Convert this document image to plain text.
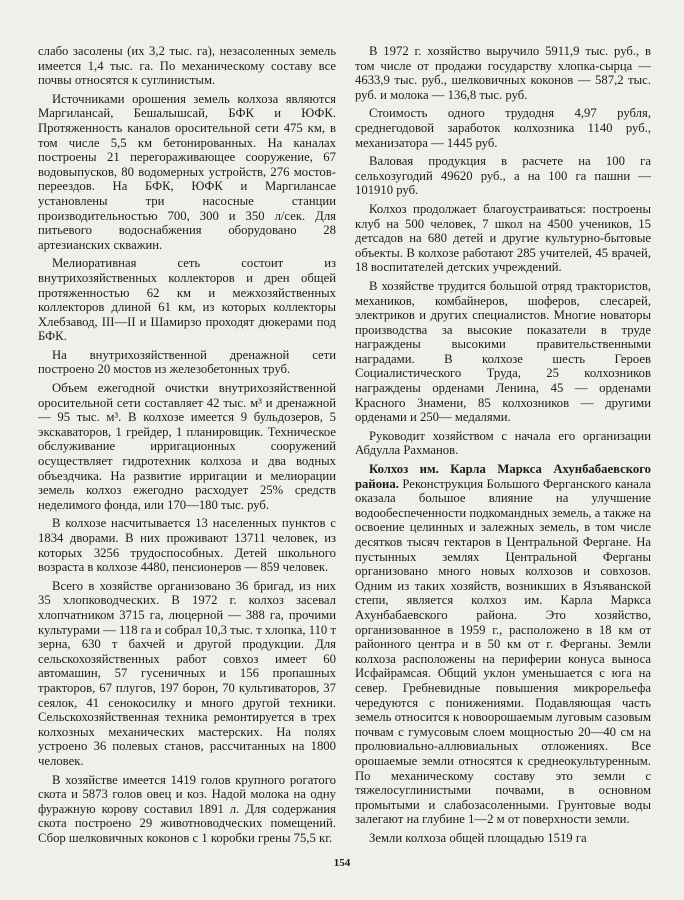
слабо засолены (их 3,2 тыс. га), незасоленных земель имеется 1,4 тыс. га. По механическому составу все почвы относятся к суглинистым.

Источниками орошения земель колхоза являются Маргилансай, Бешалышсай, БФК и ЮФК. Протяженность каналов оросительной сети 475 км, в том числе 5,5 км бетонированных. На каналах построены 21 перегораживающее сооружение, 67 водовыпусков, 80 водомерных устройств, 276 мостов-переездов. На БФК, ЮФК и Маргилансае установлены три насосные станции производительностью 700, 300 и 350 л/сек. Для питьевого водоснабжения оборудовано 28 артезианских скважин.

Мелиоративная сеть состоит из внутрихозяйственных коллекторов и дрен общей протяженностью 62 км и межхозяйственных коллекторов длиной 61 км, из которых коллекторы Хлебзавод, III—II и Шамирзо проходят дюкерами под БФК.

На внутрихозяйственной дренажной сети построено 20 мостов из железобетонных труб.

Объем ежегодной очистки внутрихозяйственной оросительной сети составляет 42 тыс. м³ и дренажной — 95 тыс. м³. В колхозе имеется 9 бульдозеров, 5 экскаваторов, 1 грейдер, 1 планировщик. Техническое обслуживание ирригационных сооружений осуществляет гидротехник колхоза и два водных объездчика. На развитие ирригации и мелиорации земель колхоз ежегодно расходует 25% средств неделимого фонда, или 170—180 тыс. руб.

В колхозе насчитывается 13 населенных пунктов с 1834 дворами. В них проживают 13711 человек, из которых 3256 трудоспособных. Детей школьного возраста в колхозе 4480, пенсионеров — 859 человек.

Всего в хозяйстве организовано 36 бригад, из них 35 хлопководческих. В 1972 г. колхоз засевал хлопчатником 3715 га, люцерной — 388 га, прочими культурами — 118 га и собрал 10,3 тыс. т хлопка, 110 т зерна, 630 т бахчей и другой продукции. Для сельскохозяйственных работ совхоз имеет 60 автомашин, 57 гусеничных и 156 пропашных тракторов, 67 плугов, 197 борон, 70 культиваторов, 37 сеялок, 41 сенокосилку и много другой техники. Сельскохозяйственная техника ремонтируется в трех колхозных механических мастерских. На полях устроено 36 полевых станов, рассчитанных на 1800 человек.

В хозяйстве имеется 1419 голов крупного рогатого скота и 5873 голов овец и коз. Надой молока на одну фуражную корову составил 1891 л. Для содержания скота построено 29 животноводческих помещений. Сбор шелковичных коконов с 1 коробки грены 75,5 кг.

В 1972 г. хозяйство выручило 5911,9 тыс. руб., в том числе от продажи государству хлопка-сырца — 4633,9 тыс. руб., шелковичных коконов — 587,2 тыс. руб. и молока — 136,8 тыс. руб.

Стоимость одного трудодня 4,97 рубля, среднегодовой заработок колхозника 1140 руб., механизатора — 1445 руб.

Валовая продукция в расчете на 100 га сельхозугодий 49620 руб., а на 100 га пашни — 101910 руб.

Колхоз продолжает благоустраиваться: построены клуб на 500 человек, 7 школ на 4500 учеников, 15 детсадов на 680 детей и другие культурно-бытовые объекты. В колхозе работают 285 учителей, 45 врачей, 18 воспитателей детских учреждений.

В хозяйстве трудится большой отряд трактористов, механиков, комбайнеров, шоферов, слесарей, электриков и других специалистов. Многие новаторы производства за высокие показатели в труде награждены высокими правительственными наградами. В колхозе шесть Героев Социалистического Труда, 25 колхозников награждены орденами Ленина, 45 — орденами Красного Знамени, 85 колхозников — другими орденами и 250— медалями.

Руководит хозяйством с начала его организации Абдулла Рахманов.

Колхоз им. Карла Маркса Ахунбабаевского района. Реконструкция Большого Ферганского канала оказала большое влияние на улучшение водообеспеченности подкомандных земель, а также на освоение целинных и залежных земель, в том числе десятков тысяч гектаров в Центральной Фергане. На пустынных землях Центральной Ферганы организовано много новых колхозов и совхозов. Одним из таких хозяйств, возникших в Язъяванской степи, является колхоз им. Карла Маркса Ахунбабаевского района. Это хозяйство, организованное в 1959 г., расположено в 18 км от районного центра и в 50 км от г. Ферганы. Земли колхоза расположены на периферии конуса выноса Исфайрамсая. Общий уклон уменьшается с юга на север. Гребневидные повышения микрорельефа чередуются с понижениями. Подавляющая часть земель относится к новоорошаемым луговым сазовым почвам с гумусовым слоем мощностью 20—40 см на пролювиально-аллювиальных отложениях. Все орошаемые земли относятся к среднеокультуренным. По механическому составу это земли с тяжелосуглинистыми почвами, в основном промытыми и слабозасоленными. Грунтовые воды залегают на глубине 1—2 м от поверхности земли.

Земли колхоза общей площадью 1519 га

154
